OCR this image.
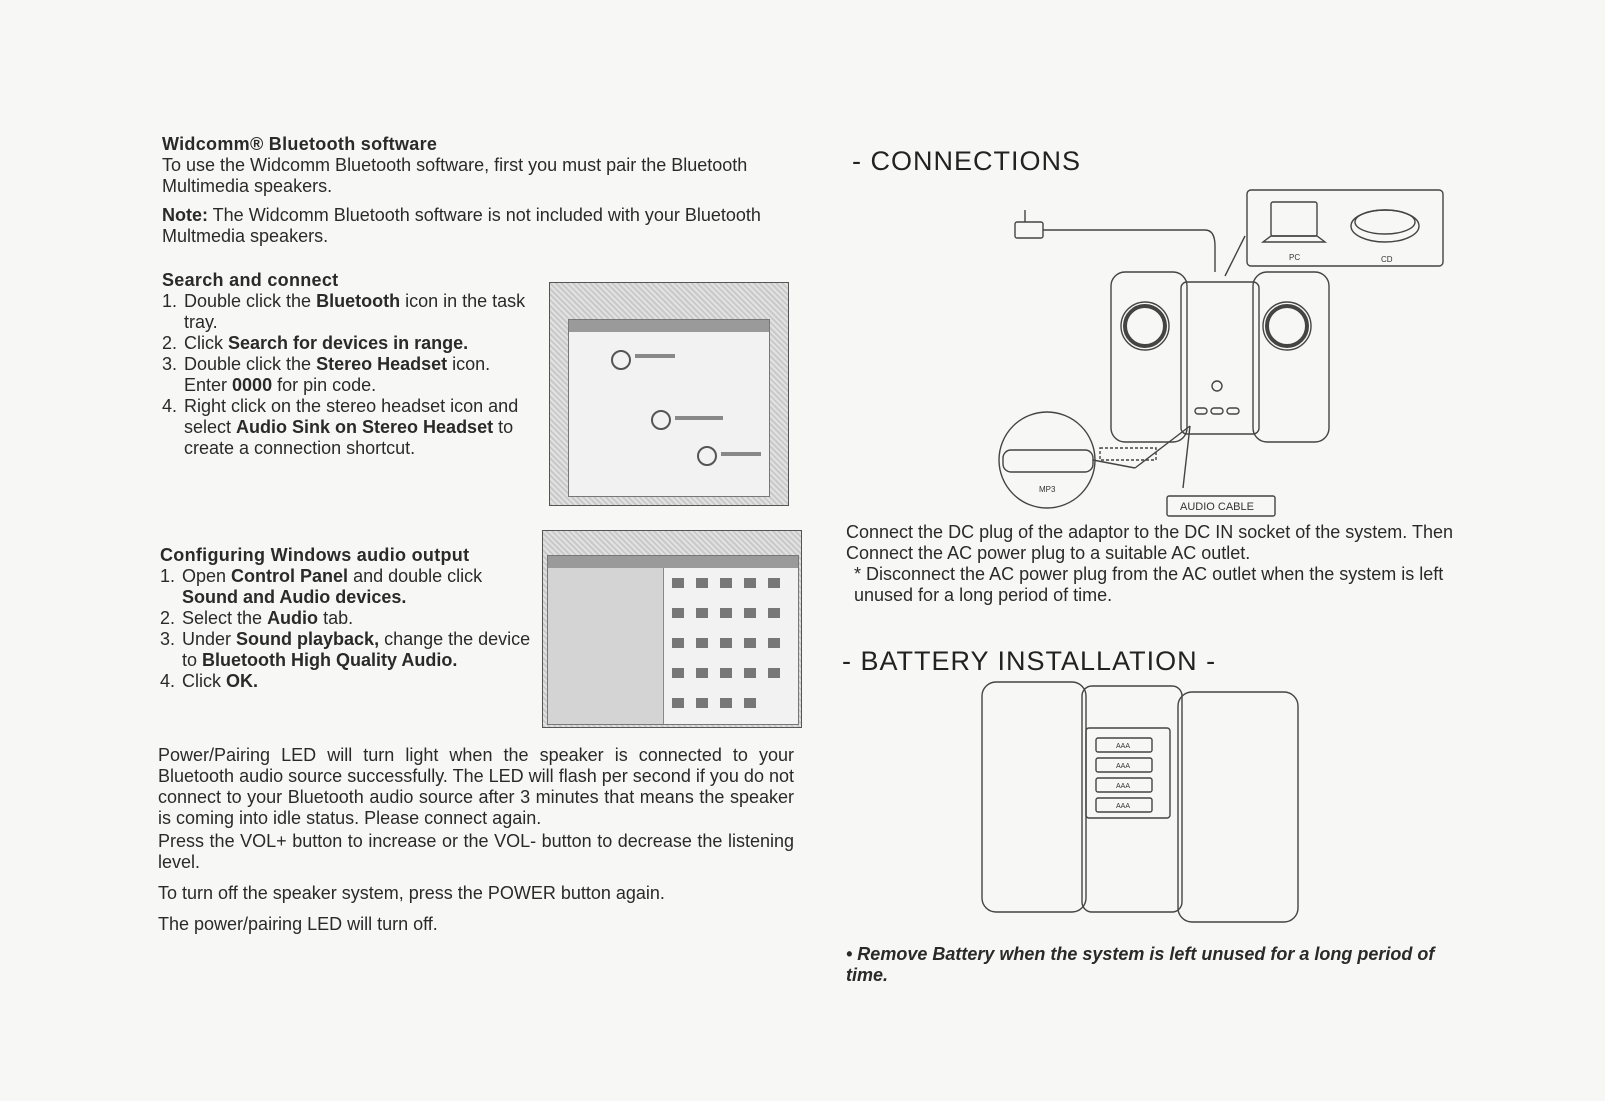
Widcomm® Bluetooth software

To use the Widcomm Bluetooth software, first you must pair the Bluetooth Multimedia speakers.

Note: The Widcomm Bluetooth software is not included with your Bluetooth Multmedia speakers.

Search and connect

1. Double click the Bluetooth icon in the task tray.
2. Click Search for devices in range.
3. Double click the Stereo Headset icon. Enter 0000 for pin code.
4. Right click on the stereo headset icon and select Audio Sink on Stereo Headset to create a connection shortcut.

Configuring Windows audio output

1. Open Control Panel and double click Sound and Audio devices.
2. Select the Audio tab.
3. Under Sound playback, change the device to Bluetooth High Quality Audio.
4. Click OK.

Power/Pairing LED will turn light when the speaker is connected to your Bluetooth audio source successfully. The LED will flash per second if you do not connect to your Bluetooth audio source after 3 minutes that means the speaker is coming into idle status. Please connect again.

Press the VOL+ button to increase or the VOL- button to decrease the listening level.

To turn off the speaker system, press the POWER button again.

The power/pairing LED will turn off.

- CONNECTIONS
PC	CD
MP3
AUDIO CABLE

Connect the DC plug of the adaptor to the DC IN socket of the system. Then Connect the AC power plug to a suitable AC outlet.

* Disconnect the AC power plug from the AC outlet when the system is left unused for a long period of time.

- BATTERY INSTALLATION -
AAA
AAA
AAA
AAA

• Remove Battery when the system is left unused for a long period of time.
